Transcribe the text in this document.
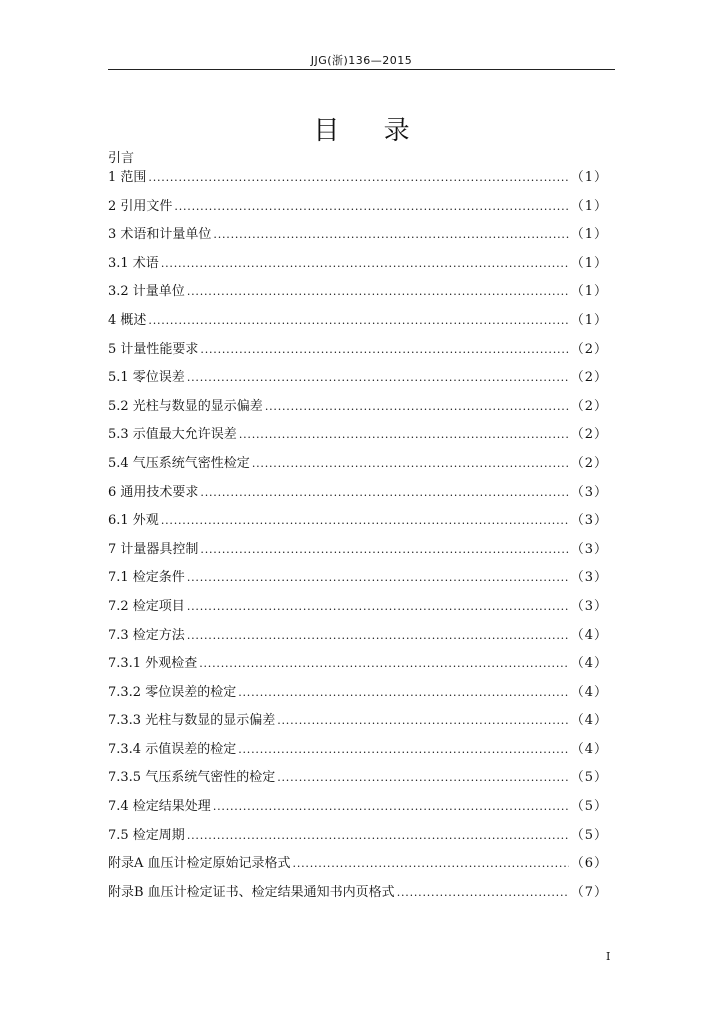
JJG(浙)136—2015
目 录
引言
1 范围 .....	（1）
2 引用文件 .....	（1）
3 术语和计量单位 .....	（1）
3.1 术语 .....	（1）
3.2 计量单位 .....	（1）
4 概述 .....	（1）
5 计量性能要求 .....	（2）
5.1 零位误差 .....	（2）
5.2 光柱与数显的显示偏差 .....	（2）
5.3 示值最大允许误差 .....	（2）
5.4 气压系统气密性检定 .....	（2）
6 通用技术要求 .....	（3）
6.1 外观 .....	（3）
7 计量器具控制 .....	（3）
7.1 检定条件 .....	（3）
7.2 检定项目 .....	（3）
7.3 检定方法 .....	（4）
7.3.1 外观检查 .....	（4）
7.3.2 零位误差的检定 .....	（4）
7.3.3 光柱与数显的显示偏差 .....	（4）
7.3.4 示值误差的检定 .....	（4）
7.3.5 气压系统气密性的检定 .....	（5）
7.4 检定结果处理 .....	（5）
7.5 检定周期 .....	（5）
附录A 血压计检定原始记录格式 .....	（6）
附录B 血压计检定证书、检定结果通知书内页格式 .....	（7）
I
